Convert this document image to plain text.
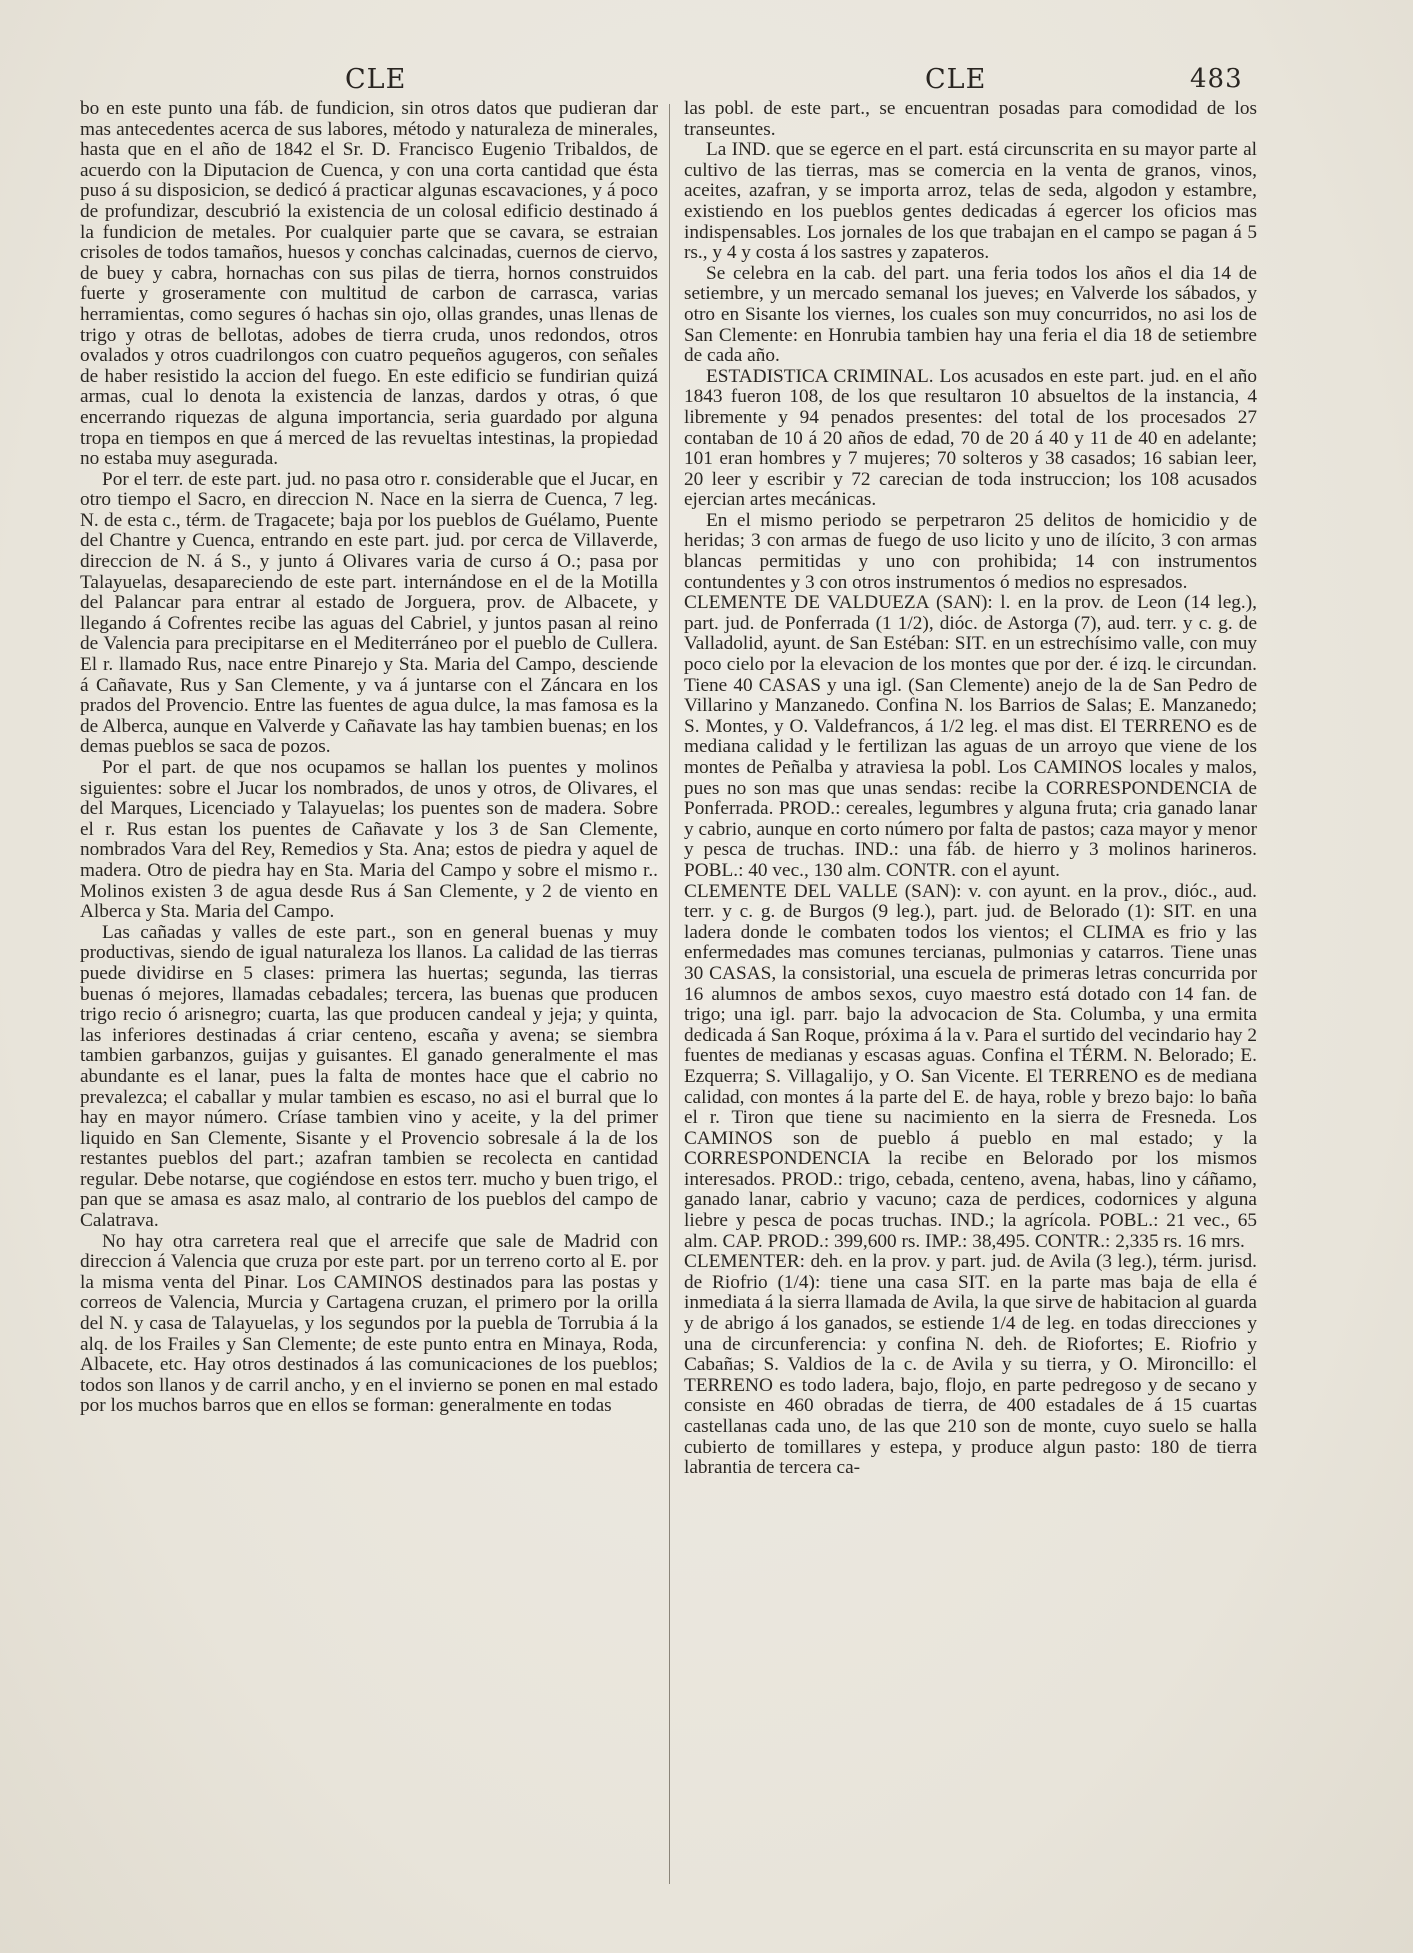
CLE	CLE	483

bo en este punto una fáb. de fundicion, sin otros datos que pudieran dar mas antecedentes acerca de sus labores, método y naturaleza de minerales, hasta que en el año de 1842 el Sr. D. Francisco Eugenio Tribaldos, de acuerdo con la Diputacion de Cuenca, y con una corta cantidad que ésta puso á su disposicion, se dedicó á practicar algunas escavaciones, y á poco de profundizar, descubrió la existencia de un colosal edificio destinado á la fundicion de metales. Por cualquier parte que se cavara, se estraian crisoles de todos tamaños, huesos y conchas calcinadas, cuernos de ciervo, de buey y cabra, hornachas con sus pilas de tierra, hornos construidos fuerte y groseramente con multitud de carbon de carrasca, varias herramientas, como segures ó hachas sin ojo, ollas grandes, unas llenas de trigo y otras de bellotas, adobes de tierra cruda, unos redondos, otros ovalados y otros cuadrilongos con cuatro pequeños agugeros, con señales de haber resistido la accion del fuego. En este edificio se fundirian quizá armas, cual lo denota la existencia de lanzas, dardos y otras, ó que encerrando riquezas de alguna importancia, seria guardado por alguna tropa en tiempos en que á merced de las revueltas intestinas, la propiedad no estaba muy asegurada.

Por el terr. de este part. jud. no pasa otro r. considerable que el Jucar, en otro tiempo el Sacro, en direccion N. Nace en la sierra de Cuenca, 7 leg. N. de esta c., térm. de Tragacete; baja por los pueblos de Guélamo, Puente del Chantre y Cuenca, entrando en este part. jud. por cerca de Villaverde, direccion de N. á S., y junto á Olivares varia de curso á O.; pasa por Talayuelas, desapareciendo de este part. internándose en el de la Motilla del Palancar para entrar al estado de Jorguera, prov. de Albacete, y llegando á Cofrentes recibe las aguas del Cabriel, y juntos pasan al reino de Valencia para precipitarse en el Mediterráneo por el pueblo de Cullera. El r. llamado Rus, nace entre Pinarejo y Sta. Maria del Campo, desciende á Cañavate, Rus y San Clemente, y va á juntarse con el Záncara en los prados del Provencio. Entre las fuentes de agua dulce, la mas famosa es la de Alberca, aunque en Valverde y Cañavate las hay tambien buenas; en los demas pueblos se saca de pozos.

Por el part. de que nos ocupamos se hallan los puentes y molinos siguientes: sobre el Jucar los nombrados, de unos y otros, de Olivares, el del Marques, Licenciado y Talayuelas; los puentes son de madera. Sobre el r. Rus estan los puentes de Cañavate y los 3 de San Clemente, nombrados Vara del Rey, Remedios y Sta. Ana; estos de piedra y aquel de madera. Otro de piedra hay en Sta. Maria del Campo y sobre el mismo r.. Molinos existen 3 de agua desde Rus á San Clemente, y 2 de viento en Alberca y Sta. Maria del Campo.

Las cañadas y valles de este part., son en general buenas y muy productivas, siendo de igual naturaleza los llanos. La calidad de las tierras puede dividirse en 5 clases: primera las huertas; segunda, las tierras buenas ó mejores, llamadas cebadales; tercera, las buenas que producen trigo recio ó arisnegro; cuarta, las que producen candeal y jeja; y quinta, las inferiores destinadas á criar centeno, escaña y avena; se siembra tambien garbanzos, guijas y guisantes. El ganado generalmente el mas abundante es el lanar, pues la falta de montes hace que el cabrio no prevalezca; el caballar y mular tambien es escaso, no asi el burral que lo hay en mayor número. Críase tambien vino y aceite, y la del primer liquido en San Clemente, Sisante y el Provencio sobresale á la de los restantes pueblos del part.; azafran tambien se recolecta en cantidad regular. Debe notarse, que cogiéndose en estos terr. mucho y buen trigo, el pan que se amasa es asaz malo, al contrario de los pueblos del campo de Calatrava.

No hay otra carretera real que el arrecife que sale de Madrid con direccion á Valencia que cruza por este part. por un terreno corto al E. por la misma venta del Pinar. Los CAMINOS destinados para las postas y correos de Valencia, Murcia y Cartagena cruzan, el primero por la orilla del N. y casa de Talayuelas, y los segundos por la puebla de Torrubia á la alq. de los Frailes y San Clemente; de este punto entra en Minaya, Roda, Albacete, etc. Hay otros destinados á las comunicaciones de los pueblos; todos son llanos y de carril ancho, y en el invierno se ponen en mal estado por los muchos barros que en ellos se forman: generalmente en todas

las pobl. de este part., se encuentran posadas para comodidad de los transeuntes.

La IND. que se egerce en el part. está circunscrita en su mayor parte al cultivo de las tierras, mas se comercia en la venta de granos, vinos, aceites, azafran, y se importa arroz, telas de seda, algodon y estambre, existiendo en los pueblos gentes dedicadas á egercer los oficios mas indispensables. Los jornales de los que trabajan en el campo se pagan á 5 rs., y 4 y costa á los sastres y zapateros.

Se celebra en la cab. del part. una feria todos los años el dia 14 de setiembre, y un mercado semanal los jueves; en Valverde los sábados, y otro en Sisante los viernes, los cuales son muy concurridos, no asi los de San Clemente: en Honrubia tambien hay una feria el dia 18 de setiembre de cada año.

ESTADISTICA CRIMINAL. Los acusados en este part. jud. en el año 1843 fueron 108, de los que resultaron 10 absueltos de la instancia, 4 libremente y 94 penados presentes: del total de los procesados 27 contaban de 10 á 20 años de edad, 70 de 20 á 40 y 11 de 40 en adelante; 101 eran hombres y 7 mujeres; 70 solteros y 38 casados; 16 sabian leer, 20 leer y escribir y 72 carecian de toda instruccion; los 108 acusados ejercian artes mecánicas.

En el mismo periodo se perpetraron 25 delitos de homicidio y de heridas; 3 con armas de fuego de uso licito y uno de ilícito, 3 con armas blancas permitidas y uno con prohibida; 14 con instrumentos contundentes y 3 con otros instrumentos ó medios no espresados.

CLEMENTE DE VALDUEZA (SAN): l. en la prov. de Leon (14 leg.), part. jud. de Ponferrada (1 1/2), dióc. de Astorga (7), aud. terr. y c. g. de Valladolid, ayunt. de San Estéban: SIT. en un estrechísimo valle, con muy poco cielo por la elevacion de los montes que por der. é izq. le circundan. Tiene 40 CASAS y una igl. (San Clemente) anejo de la de San Pedro de Villarino y Manzanedo. Confina N. los Barrios de Salas; E. Manzanedo; S. Montes, y O. Valdefrancos, á 1/2 leg. el mas dist. El TERRENO es de mediana calidad y le fertilizan las aguas de un arroyo que viene de los montes de Peñalba y atraviesa la pobl. Los CAMINOS locales y malos, pues no son mas que unas sendas: recibe la CORRESPONDENCIA de Ponferrada. PROD.: cereales, legumbres y alguna fruta; cria ganado lanar y cabrio, aunque en corto número por falta de pastos; caza mayor y menor y pesca de truchas. IND.: una fáb. de hierro y 3 molinos harineros. POBL.: 40 vec., 130 alm. CONTR. con el ayunt.

CLEMENTE DEL VALLE (SAN): v. con ayunt. en la prov., dióc., aud. terr. y c. g. de Burgos (9 leg.), part. jud. de Belorado (1): SIT. en una ladera donde le combaten todos los vientos; el CLIMA es frio y las enfermedades mas comunes tercianas, pulmonias y catarros. Tiene unas 30 CASAS, la consistorial, una escuela de primeras letras concurrida por 16 alumnos de ambos sexos, cuyo maestro está dotado con 14 fan. de trigo; una igl. parr. bajo la advocacion de Sta. Columba, y una ermita dedicada á San Roque, próxima á la v. Para el surtido del vecindario hay 2 fuentes de medianas y escasas aguas. Confina el TÉRM. N. Belorado; E. Ezquerra; S. Villagalijo, y O. San Vicente. El TERRENO es de mediana calidad, con montes á la parte del E. de haya, roble y brezo bajo: lo baña el r. Tiron que tiene su nacimiento en la sierra de Fresneda. Los CAMINOS son de pueblo á pueblo en mal estado; y la CORRESPONDENCIA la recibe en Belorado por los mismos interesados. PROD.: trigo, cebada, centeno, avena, habas, lino y cáñamo, ganado lanar, cabrio y vacuno; caza de perdices, codornices y alguna liebre y pesca de pocas truchas. IND.; la agrícola. POBL.: 21 vec., 65 alm. CAP. PROD.: 399,600 rs. IMP.: 38,495. CONTR.: 2,335 rs. 16 mrs.

CLEMENTER: deh. en la prov. y part. jud. de Avila (3 leg.), térm. jurisd. de Riofrio (1/4): tiene una casa SIT. en la parte mas baja de ella é inmediata á la sierra llamada de Avila, la que sirve de habitacion al guarda y de abrigo á los ganados, se estiende 1/4 de leg. en todas direcciones y una de circunferencia: y confina N. deh. de Riofortes; E. Riofrio y Cabañas; S. Valdios de la c. de Avila y su tierra, y O. Mironcillo: el TERRENO es todo ladera, bajo, flojo, en parte pedregoso y de secano y consiste en 460 obradas de tierra, de 400 estadales de á 15 cuartas castellanas cada uno, de las que 210 son de monte, cuyo suelo se halla cubierto de tomillares y estepa, y produce algun pasto: 180 de tierra labrantia de tercera ca-
